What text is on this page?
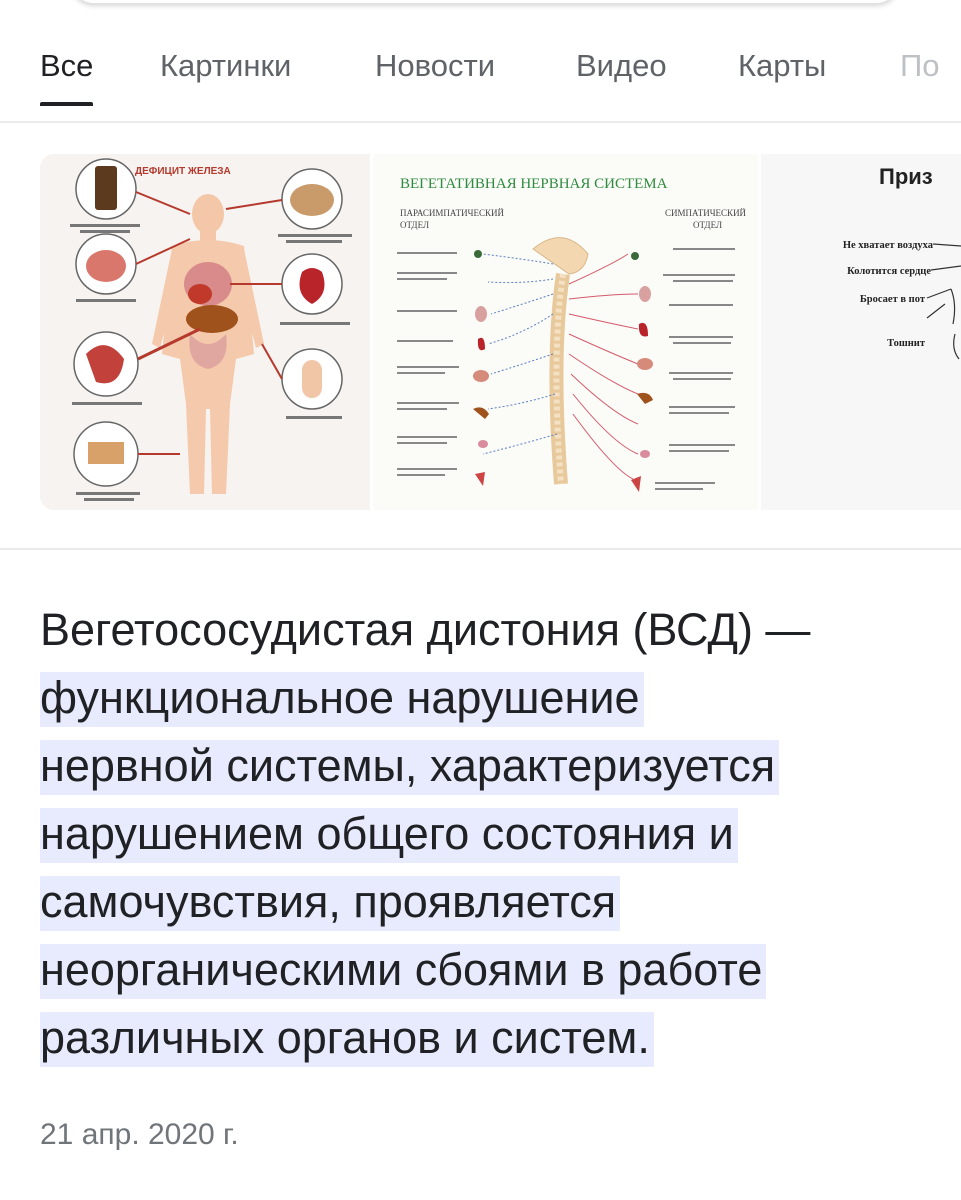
Все Картинки	Новости	Видео Карты По
ДЕФИЦИТ ЖЕЛЕЗА
ВЕГЕТАТИВНАЯ НЕРВНАЯ СИСТЕМА
ПАРАСИМПАТИЧЕСКИЙ
ОТДЕЛ
СИМПАТИЧЕСКИЙ
ОТДЕЛ
Приз
Не хватает воздуха
Колотится сердце
Бросает в пот
Тошнит
Вегетососудистая дистония (ВСД) —
функциональное нарушение
нервной системы, характеризуется
нарушением общего состояния и
самочувствия, проявляется
неорганическими сбоями в работе
различных органов и систем.
21 апр. 2020 г.
